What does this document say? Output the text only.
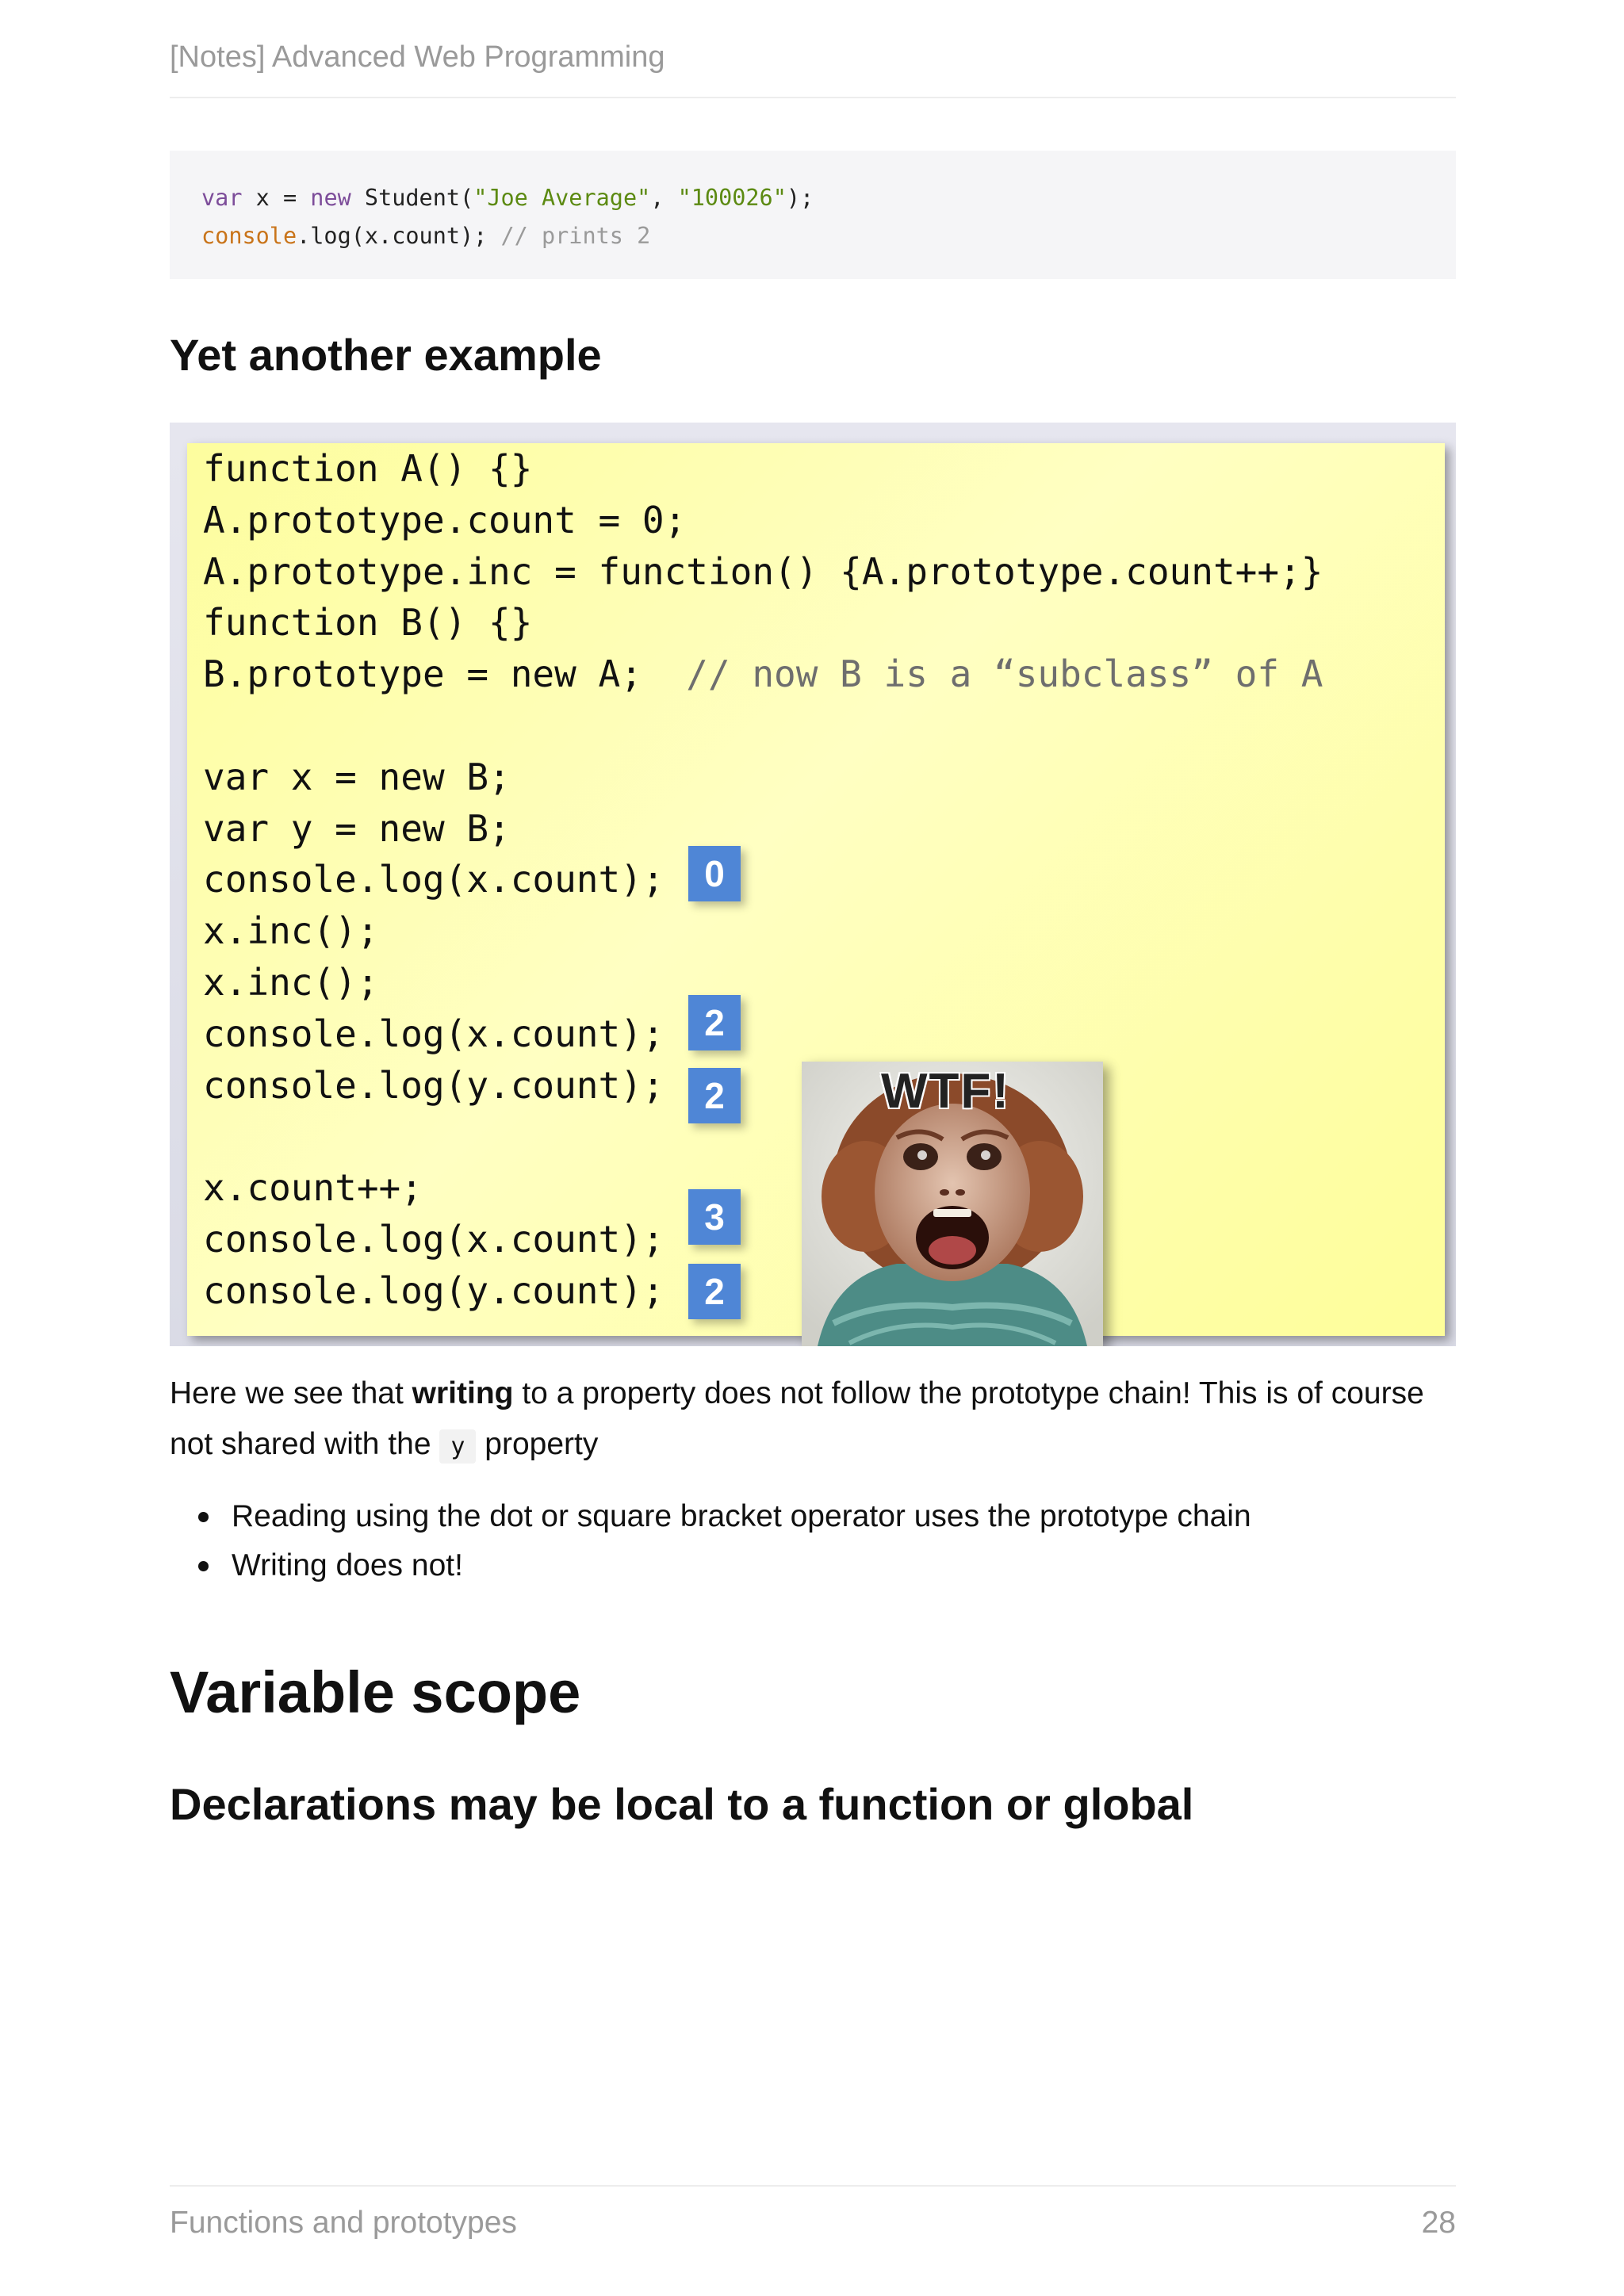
[Notes] Advanced Web Programming
var x = new Student("Joe Average", "100026");
console.log(x.count); // prints 2
Yet another example
function A() {}
A.prototype.count = 0;
A.prototype.inc = function() {A.prototype.count++;}
function B() {}
B.prototype = new A;  // now B is a “subclass” of A
var x = new B;
var y = new B;
console.log(x.count);
x.inc();
x.inc();
console.log(x.count);
console.log(y.count);
x.count++;
console.log(x.count);
console.log(y.count);
0
2
2
3
2
WTF!

Here we see that writing to a property does not follow the prototype chain! This is of course not shared with the y property

Reading using the dot or square bracket operator uses the prototype chain
Writing does not!
Variable scope
Declarations may be local to a function or global
Functions and prototypes	28
